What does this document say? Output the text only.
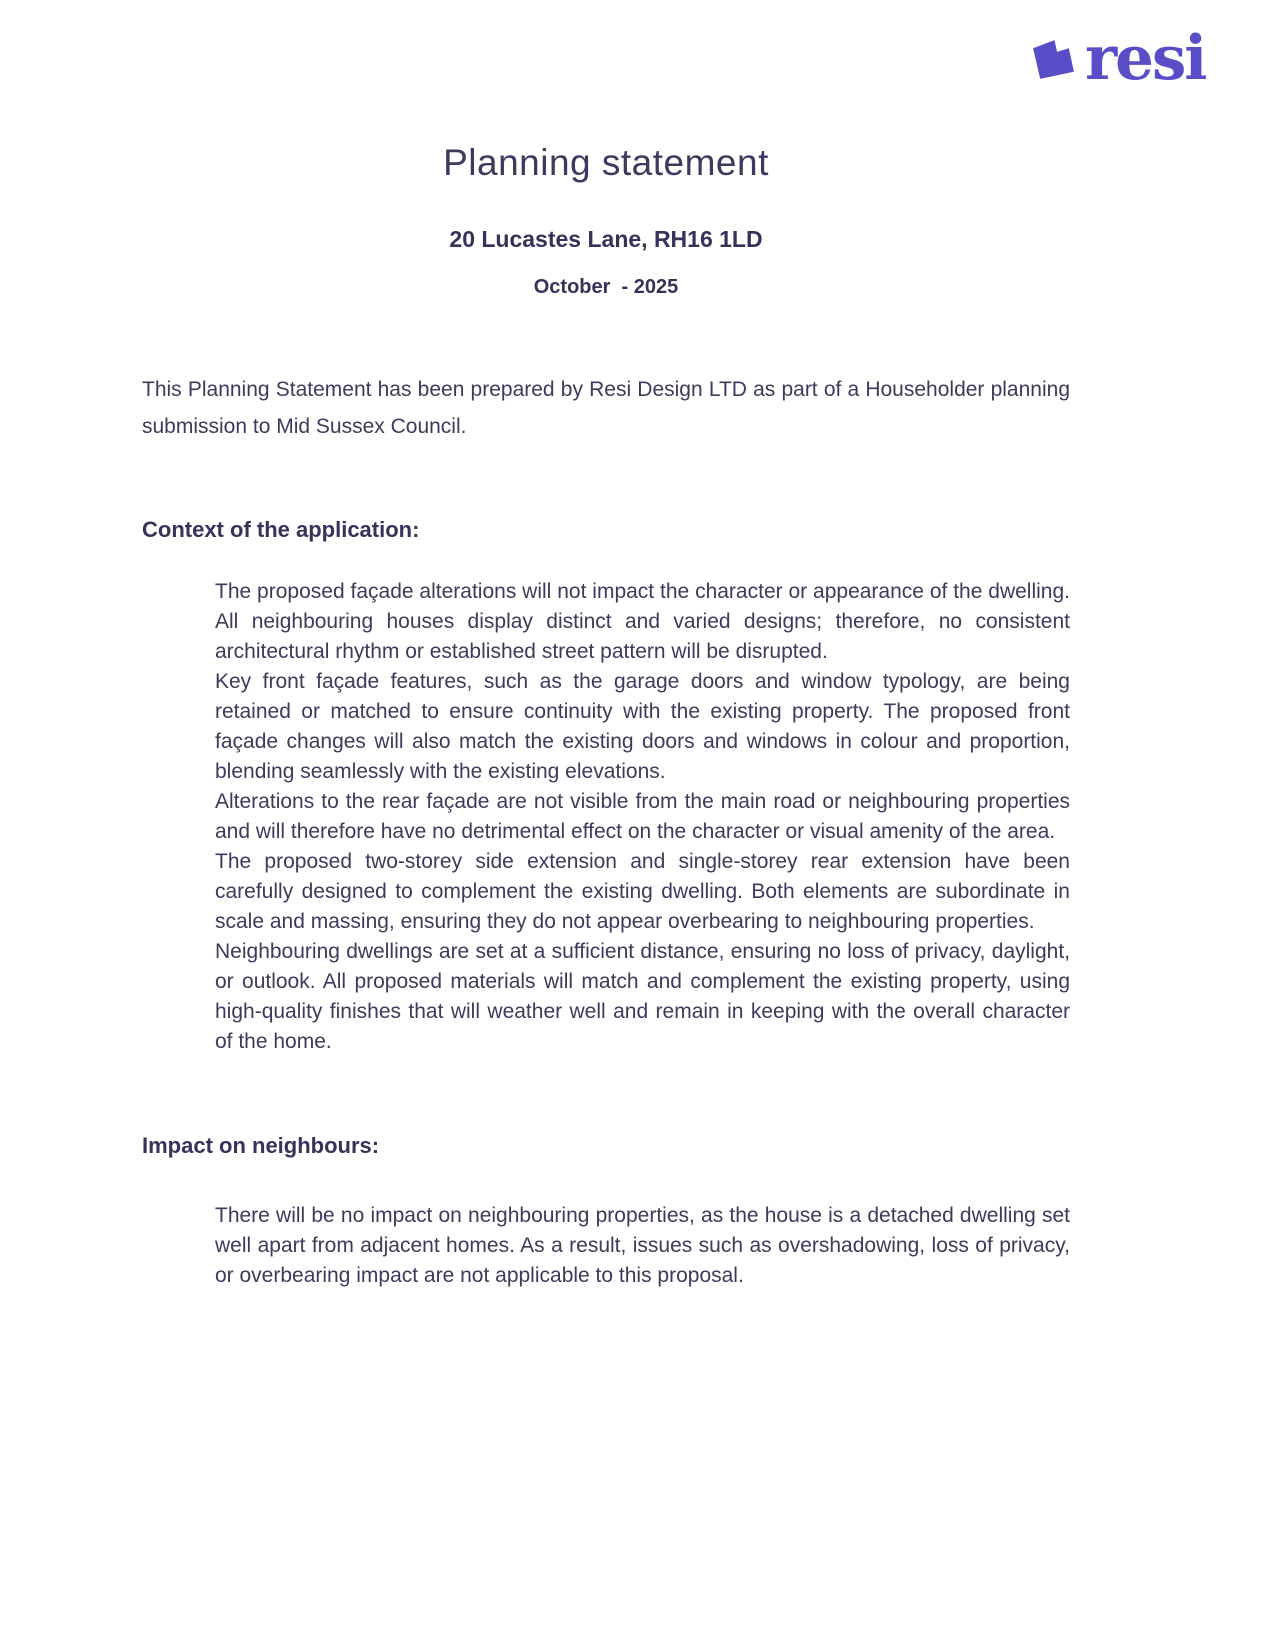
resi
Planning statement

20 Lucastes Lane, RH16 1LD

October  - 2025

This Planning Statement has been prepared by Resi Design LTD as part of a Householder planning submission to Mid Sussex Council.

Context of the application:
The proposed façade alterations will not impact the character or appearance of the dwelling. All neighbouring houses display distinct and varied designs; therefore, no consistent architectural rhythm or established street pattern will be disrupted.
Key front façade features, such as the garage doors and window typology, are being retained or matched to ensure continuity with the existing property. The proposed front façade changes will also match the existing doors and windows in colour and proportion, blending seamlessly with the existing elevations.
Alterations to the rear façade are not visible from the main road or neighbouring properties and will therefore have no detrimental effect on the character or visual amenity of the area.
The proposed two-storey side extension and single-storey rear extension have been carefully designed to complement the existing dwelling. Both elements are subordinate in scale and massing, ensuring they do not appear overbearing to neighbouring properties.
Neighbouring dwellings are set at a sufficient distance, ensuring no loss of privacy, daylight, or outlook. All proposed materials will match and complement the existing property, using high-quality finishes that will weather well and remain in keeping with the overall character of the home.
Impact on neighbours:
There will be no impact on neighbouring properties, as the house is a detached dwelling set well apart from adjacent homes. As a result, issues such as overshadowing, loss of privacy, or overbearing impact are not applicable to this proposal.
